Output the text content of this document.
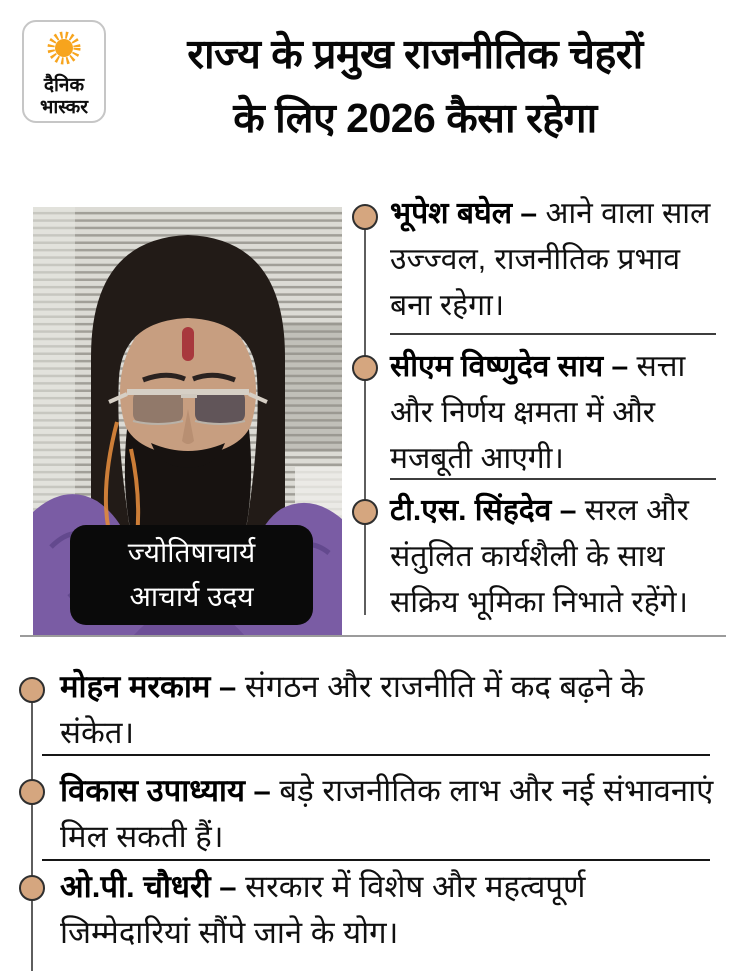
दैनिक
भास्कर
राज्य के प्रमुख राजनीतिक चेहरों
के लिए 2026 कैसा रहेगा
ज्योतिषाचार्य
आचार्य उदय
भूपेश बघेल – आने वाला साल उज्ज्वल, राजनीतिक प्रभाव बना रहेगा।
सीएम विष्णुदेव साय – सत्ता और निर्णय क्षमता में और मजबूती आएगी।
टी.एस. सिंहदेव – सरल और संतुलित कार्यशैली के साथ सक्रिय भूमिका निभाते रहेंगे।
मोहन मरकाम – संगठन और राजनीति में कद बढ़ने के संकेत।
विकास उपाध्याय – बड़े राजनीतिक लाभ और नई संभावनाएं मिल सकती हैं।
ओ.पी. चौधरी – सरकार में विशेष और महत्वपूर्ण जिम्मेदारियां सौंपे जाने के योग।
